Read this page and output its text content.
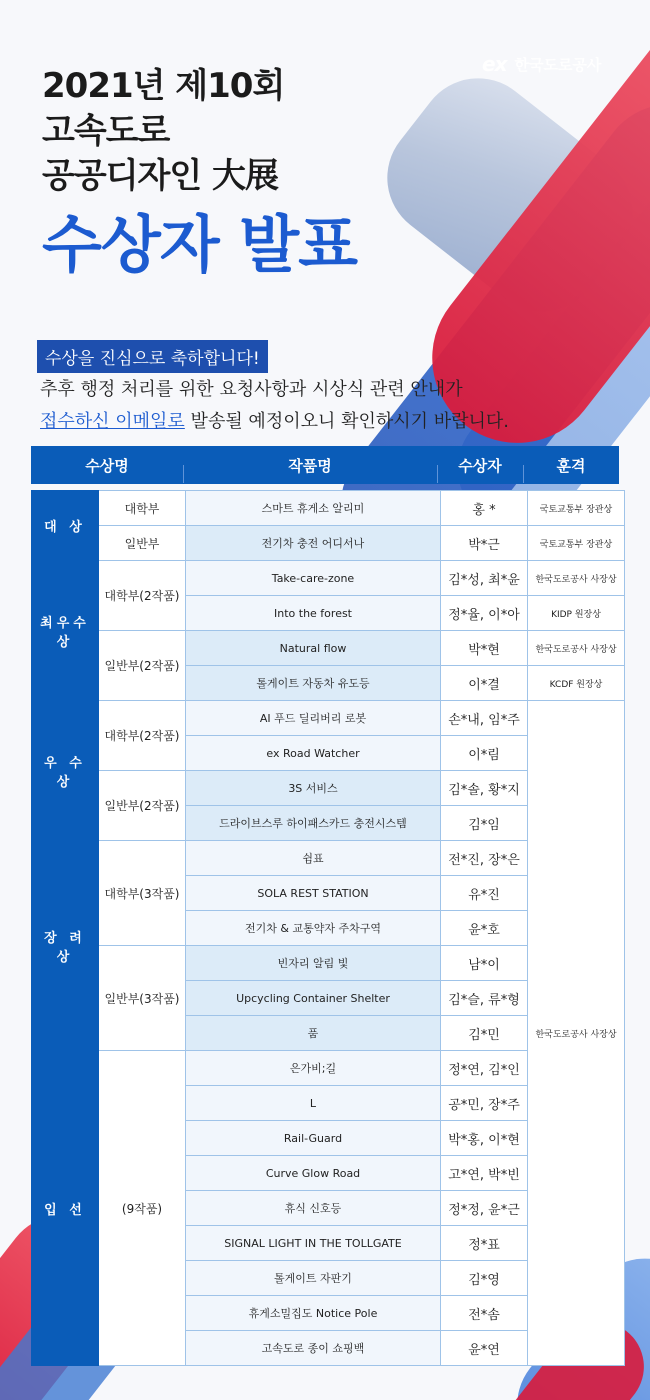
ex 한국도로공사
2021년 제10회
고속도로
공공디자인 大展
수상자 발표
수상을 진심으로 축하합니다!
추후 행정 처리를 위한 요청사항과 시상식 관련 안내가
접수하신 이메일로 발송될 예정이오니 확인하시기 바랍니다.
수상명	작품명	수상자	훈격
대 상	대학부	스마트 휴게소 알리미	홍 *	국토교통부 장관상
	일반부	전기차 충전 어디서나	박*근	국토교통부 장관상
최우수상	대학부(2작품)	Take-care-zone	김*성, 최*윤	한국도로공사 사장상
		Into the forest	정*율, 이*아	KIDP 원장상
	일반부(2작품)	Natural flow	박*현	한국도로공사 사장상
		톨게이트 자동차 유도등	이*결	KCDF 원장상
우 수 상	대학부(2작품)	AI 푸드 딜리버리 로봇	손*내, 임*주	한국도로공사 사장상
		ex Road Watcher	이*림	
	일반부(2작품)	3S 서비스	김*솔, 황*지	
		드라이브스루 하이패스카드 충전시스템	김*임	
장 려 상	대학부(3작품)	쉼표	전*진, 장*은	
		SOLA REST STATION	유*진	
		전기차 & 교통약자 주차구역	윤*호	
	일반부(3작품)	빈자리 알림 빛	남*이	
		Upcycling Container Shelter	김*슬, 류*형	
		품	김*민	
입 선	(9작품)	은가비;길	정*연, 김*인	
		L	공*민, 장*주	
		Rail-Guard	박*홍, 이*현	
		Curve Glow Road	고*연, 박*빈	
		휴식 신호등	정*정, 윤*근	
		SIGNAL LIGHT IN THE TOLLGATE	정*표	
		톨게이트 자판기	김*영	
		휴게소밀집도 Notice Pole	전*솜	
		고속도로 종이 쇼핑백	윤*연	
